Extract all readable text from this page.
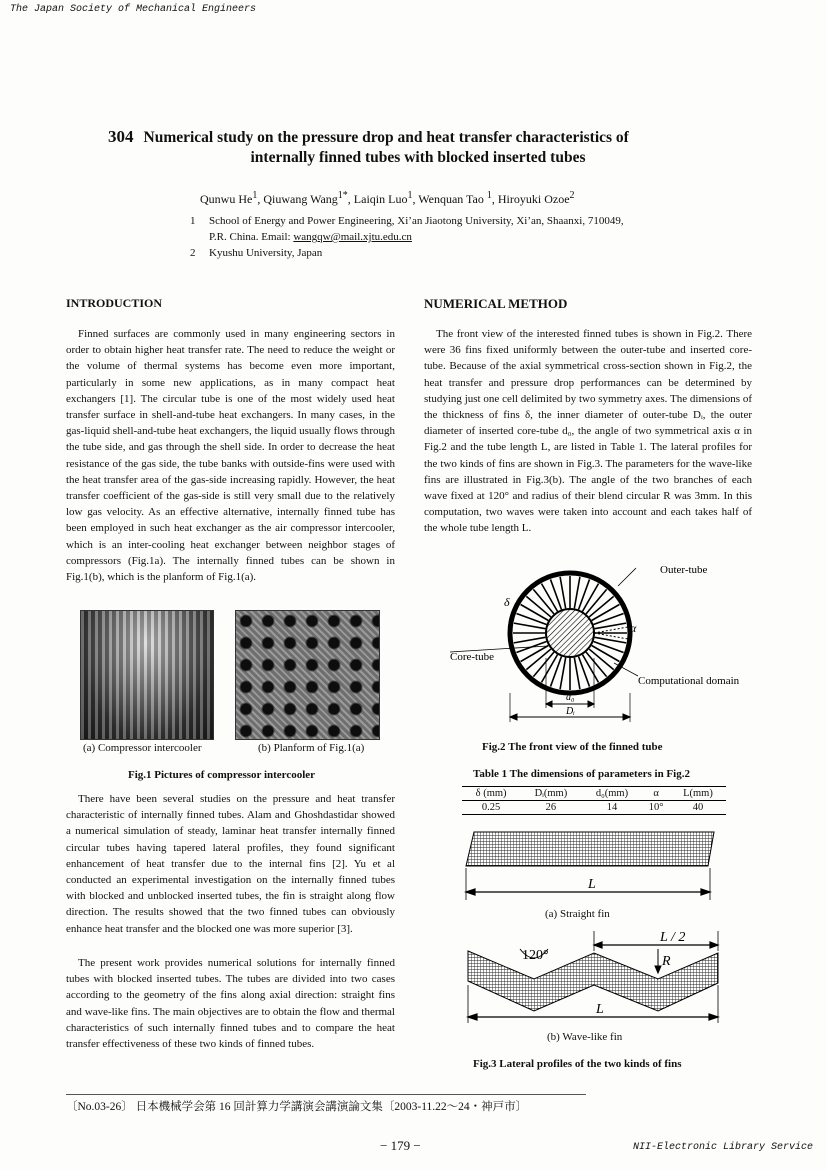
The Japan Society of Mechanical Engineers
304 Numerical study on the pressure drop and heat transfer characteristics of
internally finned tubes with blocked inserted tubes
Qunwu He$^1$, Qiuwang Wang$^{1*}$, Laiqin Luo$^1$, Wenquan Tao $^1$, Hiroyuki Ozoe$^2$
1 School of Energy and Power Engineering, Xi’an Jiaotong University, Xi’an, Shaanxi, 710049,
P.R. China. Email: wangqw@mail.xjtu.edu.cn
2 Kyushu University, Japan
INTRODUCTION

Finned surfaces are commonly used in many engineering sectors in order to obtain higher heat transfer rate. The need to reduce the weight or the volume of thermal systems has become even more important, particularly in some new applications, as in many compact heat exchangers [1]. The circular tube is one of the most widely used heat transfer surface in shell-and-tube heat exchangers. In many cases, in the gas-liquid shell-and-tube heat exchangers, the liquid usually flows through the tube side, and gas through the shell side. In order to decrease the heat resistance of the gas side, the tube banks with outside-fins were used with the heat transfer area of the gas-side increasing rapidly. However, the heat transfer coefficient of the gas-side is still very small due to the relatively low gas velocity. As an effective alternative, internally finned tube has been employed in such heat exchanger as the air compressor intercooler, which is an inter-cooling heat exchanger between neighbor stages of compressors (Fig.1a). The internally finned tubes can be shown in Fig.1(b), which is the planform of Fig.1(a).

(a) Compressor intercooler	(b) Planform of Fig.1(a)
Fig.1 Pictures of compressor intercooler

There have been several studies on the pressure and heat transfer characteristic of internally finned tubes. Alam and Ghoshdastidar showed a numerical simulation of steady, laminar heat transfer internally finned circular tubes having tapered lateral profiles, they found significant enhancement of heat transfer due to the internal fins [2]. Yu et al conducted an experimental investigation on the internally finned tubes with blocked and unblocked inserted tubes, the fin is straight along flow direction. The results showed that the two finned tubes can obviously enhance heat transfer and the blocked one was more superior [3].

The present work provides numerical solutions for internally finned tubes with blocked inserted tubes. The tubes are divided into two cases according to the geometry of the fins along axial direction: straight fins and wave-like fins. The main objectives are to obtain the flow and thermal characteristics of such internally finned tubes and to compare the heat transfer effectiveness of these two kinds of finned tubes.

NUMERICAL METHOD

The front view of the interested finned tubes is shown in Fig.2. There were 36 fins fixed uniformly between the outer-tube and inserted core-tube. Because of the axial symmetrical cross-section shown in Fig.2, the heat transfer and pressure drop performances can be determined by studying just one cell delimited by two symmetry axes. The dimensions of the thickness of fins δ, the inner diameter of outer-tube Dᵢ, the outer diameter of inserted core-tube d₀, the angle of two symmetrical axis α in Fig.2 and the tube length L, are listed in Table 1. The lateral profiles for the two kinds of fins are shown in Fig.3. The parameters for the wave-like fins are illustrated in Fig.3(b). The angle of the two branches of each wave fixed at 120° and radius of their blend circular R was 3mm. In this computation, two waves were taken into account and each takes half of the whole tube length L.

Outer-tube
Core-tube
Computational domain
δ
α
d₀
Dᵢ
Fig.2 The front view of the finned tube
Table 1 The dimensions of parameters in Fig.2
δ (mm)	Dᵢ(mm)	d₀(mm)	α	L(mm)
0.25	26	14	10°	40
L
(a) Straight fin
120°
L / 2
R
L
(b) Wave-like fin
Fig.3 Lateral profiles of the two kinds of fins
〔No.03-26〕 日本機械学会第 16 回計算力学講演会講演論文集〔2003-11.22～24・神戸市〕
− 179 −	NII-Electronic Library Service
